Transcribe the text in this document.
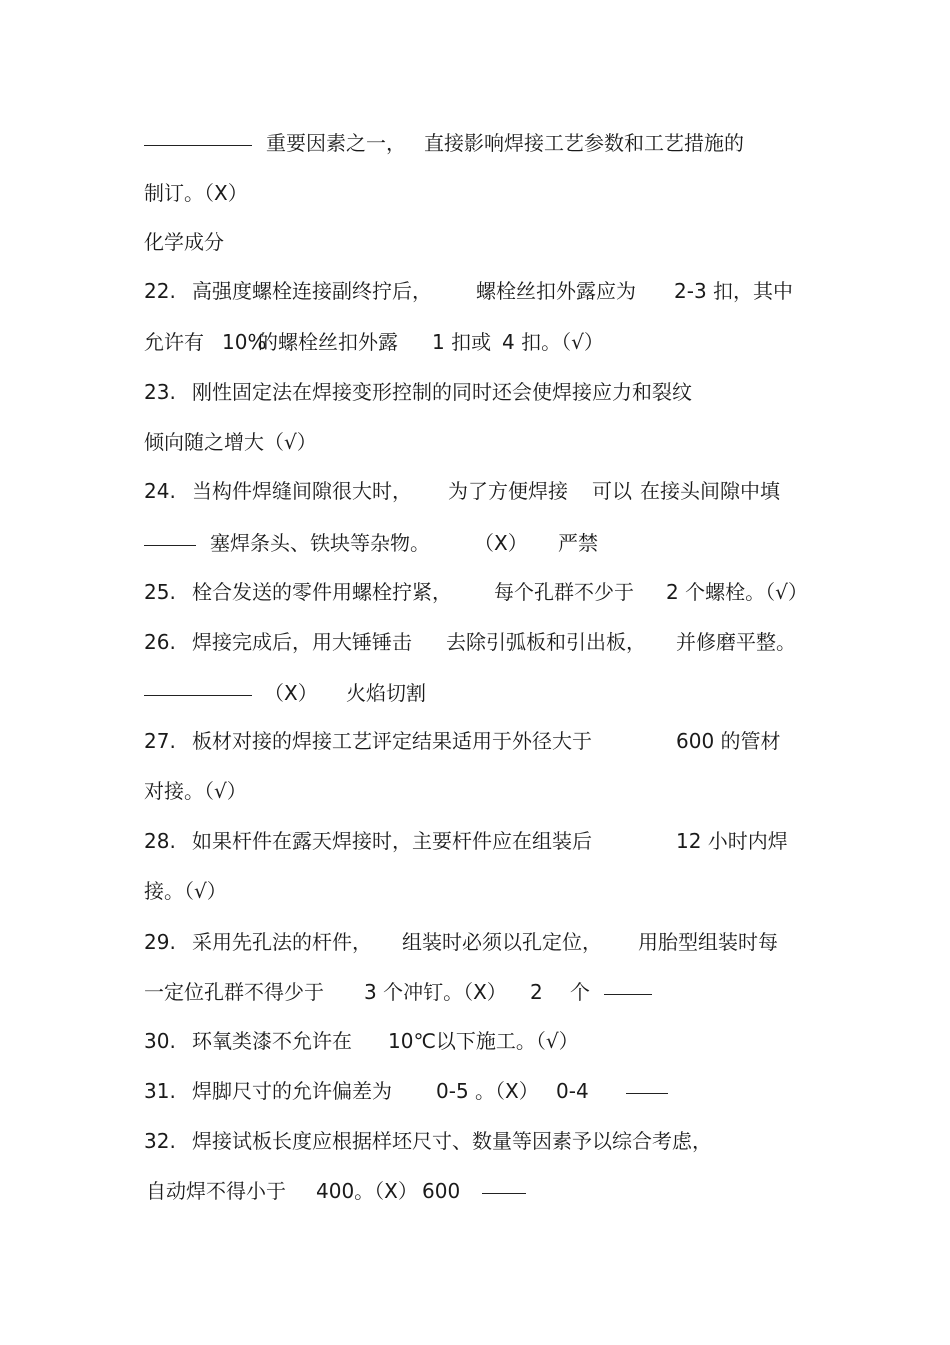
重要因素之一， 直接影响焊接工艺参数和工艺措施的
制订。（X）
化学成分
22. 高强度螺栓连接副终拧后， 螺栓丝扣外露应为 2-3 扣，其中
允许有 10%
的螺栓丝扣外露 1 扣或 4 扣。（√）
23. 刚性固定法在焊接变形控制的同时还会使焊接应力和裂纹
倾向随之增大（√）
24. 当构件焊缝间隙很大时， 为了方便焊接 可以 在接头间隙中填
塞焊条头、铁块等杂物。 （X） 严禁
25. 栓合发送的零件用螺栓拧紧， 每个孔群不少于 2 个螺栓。（√）
26. 焊接完成后，用大锤锤击 去除引弧板和引出板， 并修磨平整。
（X） 火焰切割
27. 板材对接的焊接工艺评定结果适用于外径大于	600 的管材
对接。（√）
28. 如果杆件在露天焊接时，主要杆件应在组装后	12 小时内焊
接。（√）
29. 采用先孔法的杆件， 组装时必须以孔定位， 用胎型组装时每
一定位孔群不得少于 3 个冲钉。（X） 2 个
30. 环氧类漆不允许在 10℃以下施工。（√）
31. 焊脚尺寸的允许偏差为 0-5 。（X） 0-4
32. 焊接试板长度应根据样坯尺寸、数量等因素予以综合考虑，
自动焊不得小于 400。（X） 600
